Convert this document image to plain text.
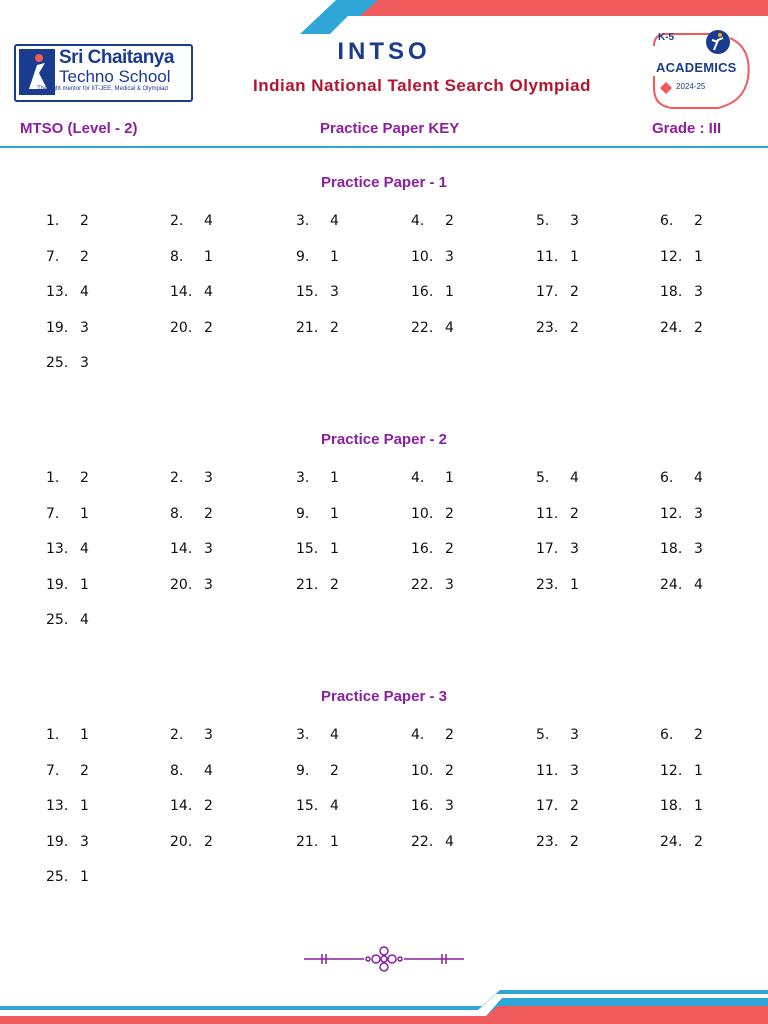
Sri Chaitanya
Techno School
The right mentor for IIT-JEE, Medical & Olympiad
INTSO
Indian National Talent Search Olympiad
K-5
ACADEMICS
2024-25
MTSO (Level - 2)	Practice Paper KEY	Grade : III
Practice Paper - 1
1. 2	2. 4	3. 4	4. 2	5. 3	6. 2
7. 2	8. 1	9. 1	10. 3	11. 1	12. 1
13. 4	14. 4	15. 3	16. 1	17. 2	18. 3
19. 3	20. 2	21. 2	22. 4	23. 2	24. 2
25. 3
Practice Paper - 2
1. 2	2. 3	3. 1	4. 1	5. 4	6. 4
7. 1	8. 2	9. 1	10. 2	11. 2	12. 3
13. 4	14. 3	15. 1	16. 2	17. 3	18. 3
19. 1	20. 3	21. 2	22. 3	23. 1	24. 4
25. 4
Practice Paper - 3
1. 1	2. 3	3. 4	4. 2	5. 3	6. 2
7. 2	8. 4	9. 2	10. 2	11. 3	12. 1
13. 1	14. 2	15. 4	16. 3	17. 2	18. 1
19. 3	20. 2	21. 1	22. 4	23. 2	24. 2
25. 1
